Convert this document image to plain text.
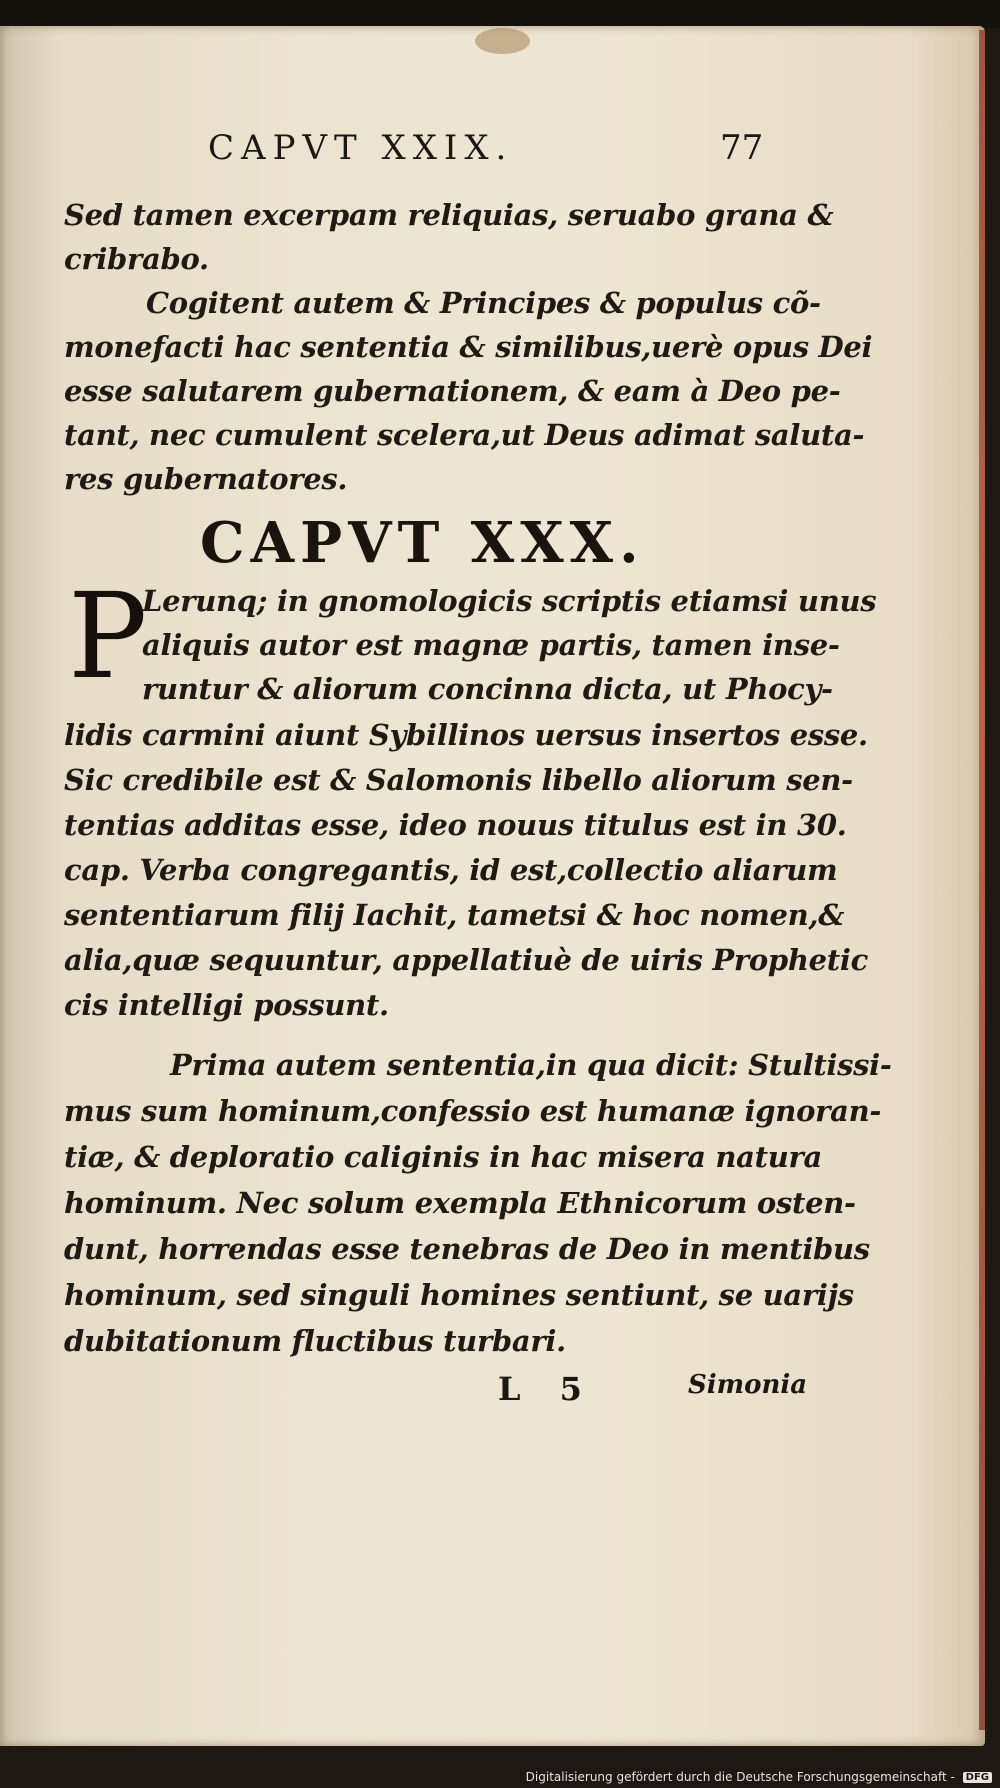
CAPVT XXIX.	77
Sed tamen excerpam reliquias, seruabo grana &
cribrabo.
Cogitent autem & Principes & populus cõ-
monefacti hac sententia & similibus,uerè opus Dei
esse salutarem gubernationem, & eam à Deo pe-
tant, nec cumulent scelera,ut Deus adimat saluta-
res gubernatores.
CAPVT XXX.
P
Lerunq; in gnomologicis scriptis etiamsi unus
aliquis autor est magnæ partis, tamen inse-
runtur & aliorum concinna dicta, ut Phocy-
lidis carmini aiunt Sybillinos uersus insertos esse.
Sic credibile est & Salomonis libello aliorum sen-
tentias additas esse, ideo nouus titulus est in 30.
cap. Verba congregantis, id est,collectio aliarum
sententiarum filij Iachit, tametsi & hoc nomen,&
alia,quæ sequuntur, appellatiuè de uiris Prophetic
cis intelligi possunt.
Prima autem sententia,in qua dicit: Stultissi-
mus sum hominum,confessio est humanæ ignoran-
tiæ, & deploratio caliginis in hac misera natura
hominum. Nec solum exempla Ethnicorum osten-
dunt, horrendas esse tenebras de Deo in mentibus
hominum, sed singuli homines sentiunt, se uarijs
dubitationum fluctibus turbari.
L 5	Simonia
Digitalisierung gefördert durch die Deutsche Forschungsgemeinschaft - DFG
